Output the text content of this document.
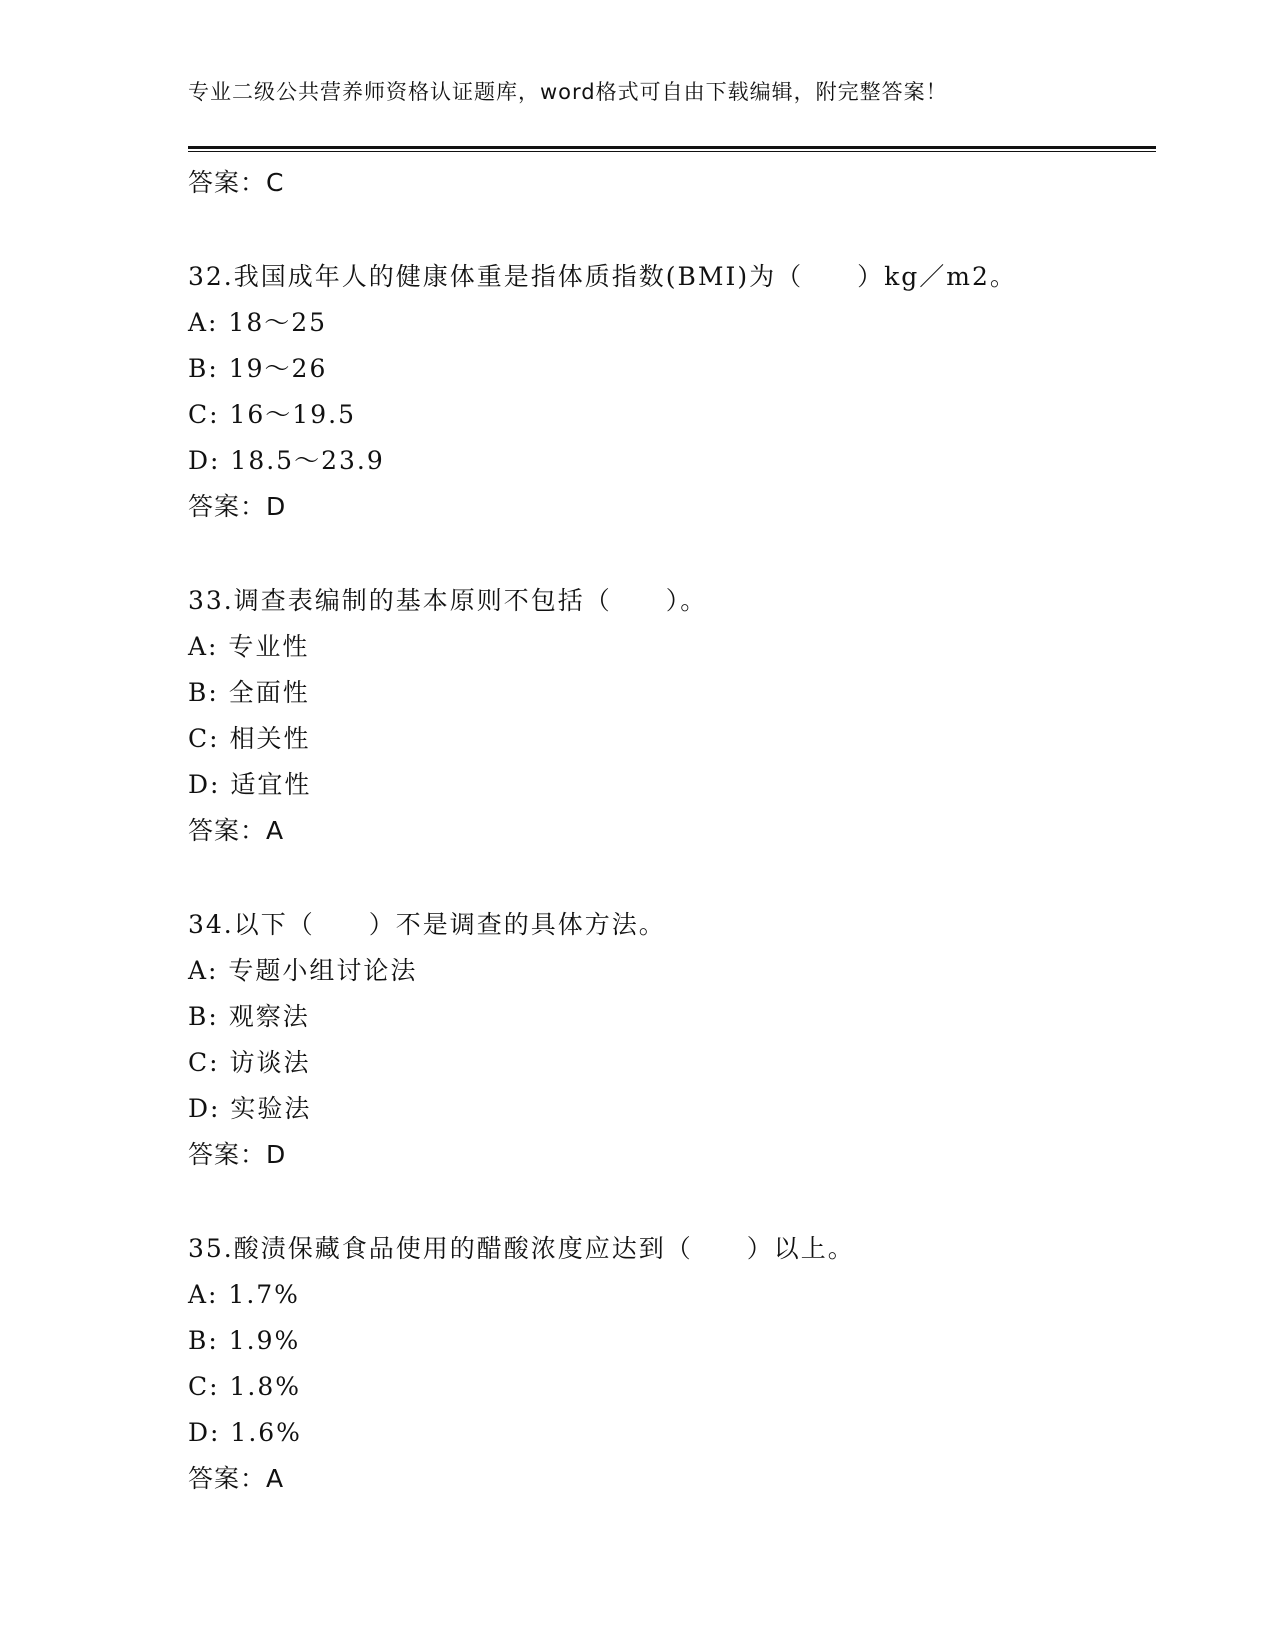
专业二级公共营养师资格认证题库，word格式可自由下载编辑，附完整答案！
答案：C
32.我国成年人的健康体重是指体质指数(BMI)为（　　）kg／m2。
A: 18～25
B: 19～26
C: 16～19.5
D: 18.5～23.9
答案：D
33.调查表编制的基本原则不包括（　　）。
A: 专业性
B: 全面性
C: 相关性
D: 适宜性
答案：A
34.以下（　　）不是调查的具体方法。
A: 专题小组讨论法
B: 观察法
C: 访谈法
D: 实验法
答案：D
35.酸渍保藏食品使用的醋酸浓度应达到（　　）以上。
A: 1.7%
B: 1.9%
C: 1.8%
D: 1.6%
答案：A
